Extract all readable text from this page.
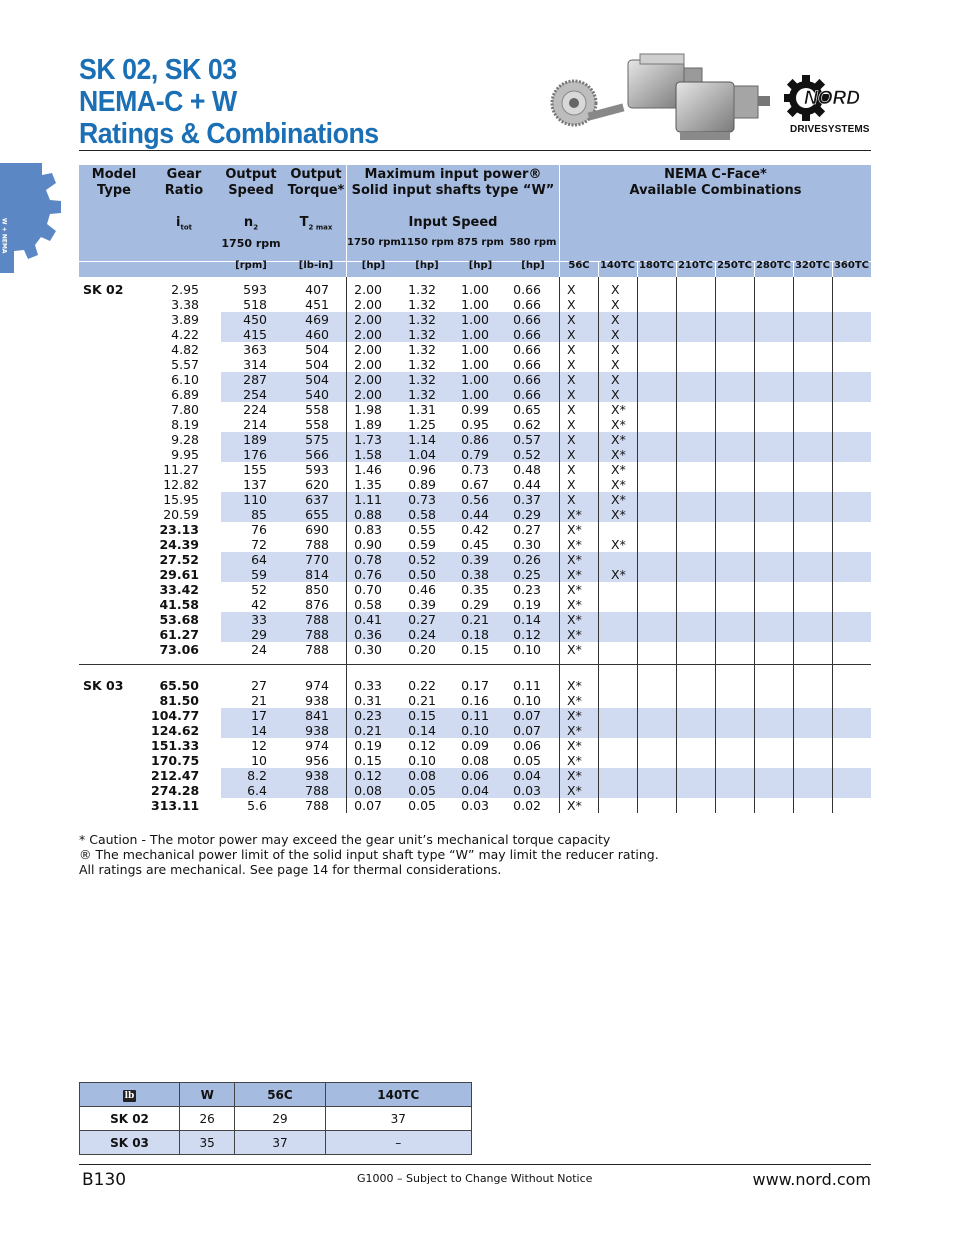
SK 02, SK 03
NEMA-C + W
Ratings & Combinations
NORD
DRIVESYSTEMS
W + NEMA
Model
Type
Gear
Ratio
Output
Speed
Output
Torque*
Maximum input power®
Solid input shafts type “W”
NEMA C-Face*
Available Combinations
$i_{tot}$	$n_2$	$T_{2 max}$	Input Speed
1750 rpm	1750 rpm 1150 rpm 875 rpm 580 rpm
[rpm]	[lb-in]	[hp]	[hp]	[hp]	[hp]	56C	140TC 180TC 210TC 250TC 280TC 320TC 360TC
SK 02	2.95	593	407	2.00	1.32	1.00	0.66 X	X
3.38	518	451	2.00	1.32	1.00	0.66 X	X
3.89	450	469	2.00	1.32	1.00	0.66 X	X
4.22	415	460	2.00	1.32	1.00	0.66 X	X
4.82	363	504	2.00	1.32	1.00	0.66 X	X
5.57	314	504	2.00	1.32	1.00	0.66 X	X
6.10	287	504	2.00	1.32	1.00	0.66 X	X
6.89	254	540	2.00	1.32	1.00	0.66 X	X
7.80	224	558	1.98	1.31	0.99	0.65 X	X*
8.19	214	558	1.89	1.25	0.95	0.62 X	X*
9.28	189	575	1.73	1.14	0.86	0.57 X	X*
9.95	176	566	1.58	1.04	0.79	0.52 X	X*
11.27	155	593	1.46	0.96	0.73	0.48 X	X*
12.82	137	620	1.35	0.89	0.67	0.44 X	X*
15.95	110	637	1.11	0.73	0.56	0.37 X	X*
20.59	85	655	0.88	0.58	0.44	0.29 X* X*
23.13	76	690	0.83	0.55	0.42	0.27 X*
24.39	72	788	0.90	0.59	0.45	0.30 X* X*
27.52	64	770	0.78	0.52	0.39	0.26 X*
29.61	59	814	0.76	0.50	0.38	0.25 X* X*
33.42	52	850	0.70	0.46	0.35	0.23 X*
41.58	42	876	0.58	0.39	0.29	0.19 X*
53.68	33	788	0.41	0.27	0.21	0.14 X*
61.27	29	788	0.36	0.24	0.18	0.12 X*
73.06	24	788	0.30	0.20	0.15	0.10 X*
SK 03	65.50	27	974	0.33	0.22	0.17	0.11 X*
81.50	21	938	0.31	0.21	0.16	0.10 X*
104.77	17	841	0.23	0.15	0.11	0.07 X*
124.62	14	938	0.21	0.14	0.10	0.07 X*
151.33	12	974	0.19	0.12	0.09	0.06 X*
170.75	10	956	0.15	0.10	0.08	0.05 X*
212.47	8.2	938	0.12	0.08	0.06	0.04 X*
274.28	6.4	788	0.08	0.05	0.04	0.03 X*
313.11	5.6	788	0.07	0.05	0.03	0.02 X*
* Caution - The motor power may exceed the gear unit’s mechanical torque capacity
® The mechanical power limit of the solid input shaft type “W” may limit the reducer rating.
All ratings are mechanical. See page 14 for thermal considerations.
lb	W	56C	140TC
SK 02	26	29	37
SK 03	35	37	–
B130	G1000 – Subject to Change Without Notice	www.nord.com
